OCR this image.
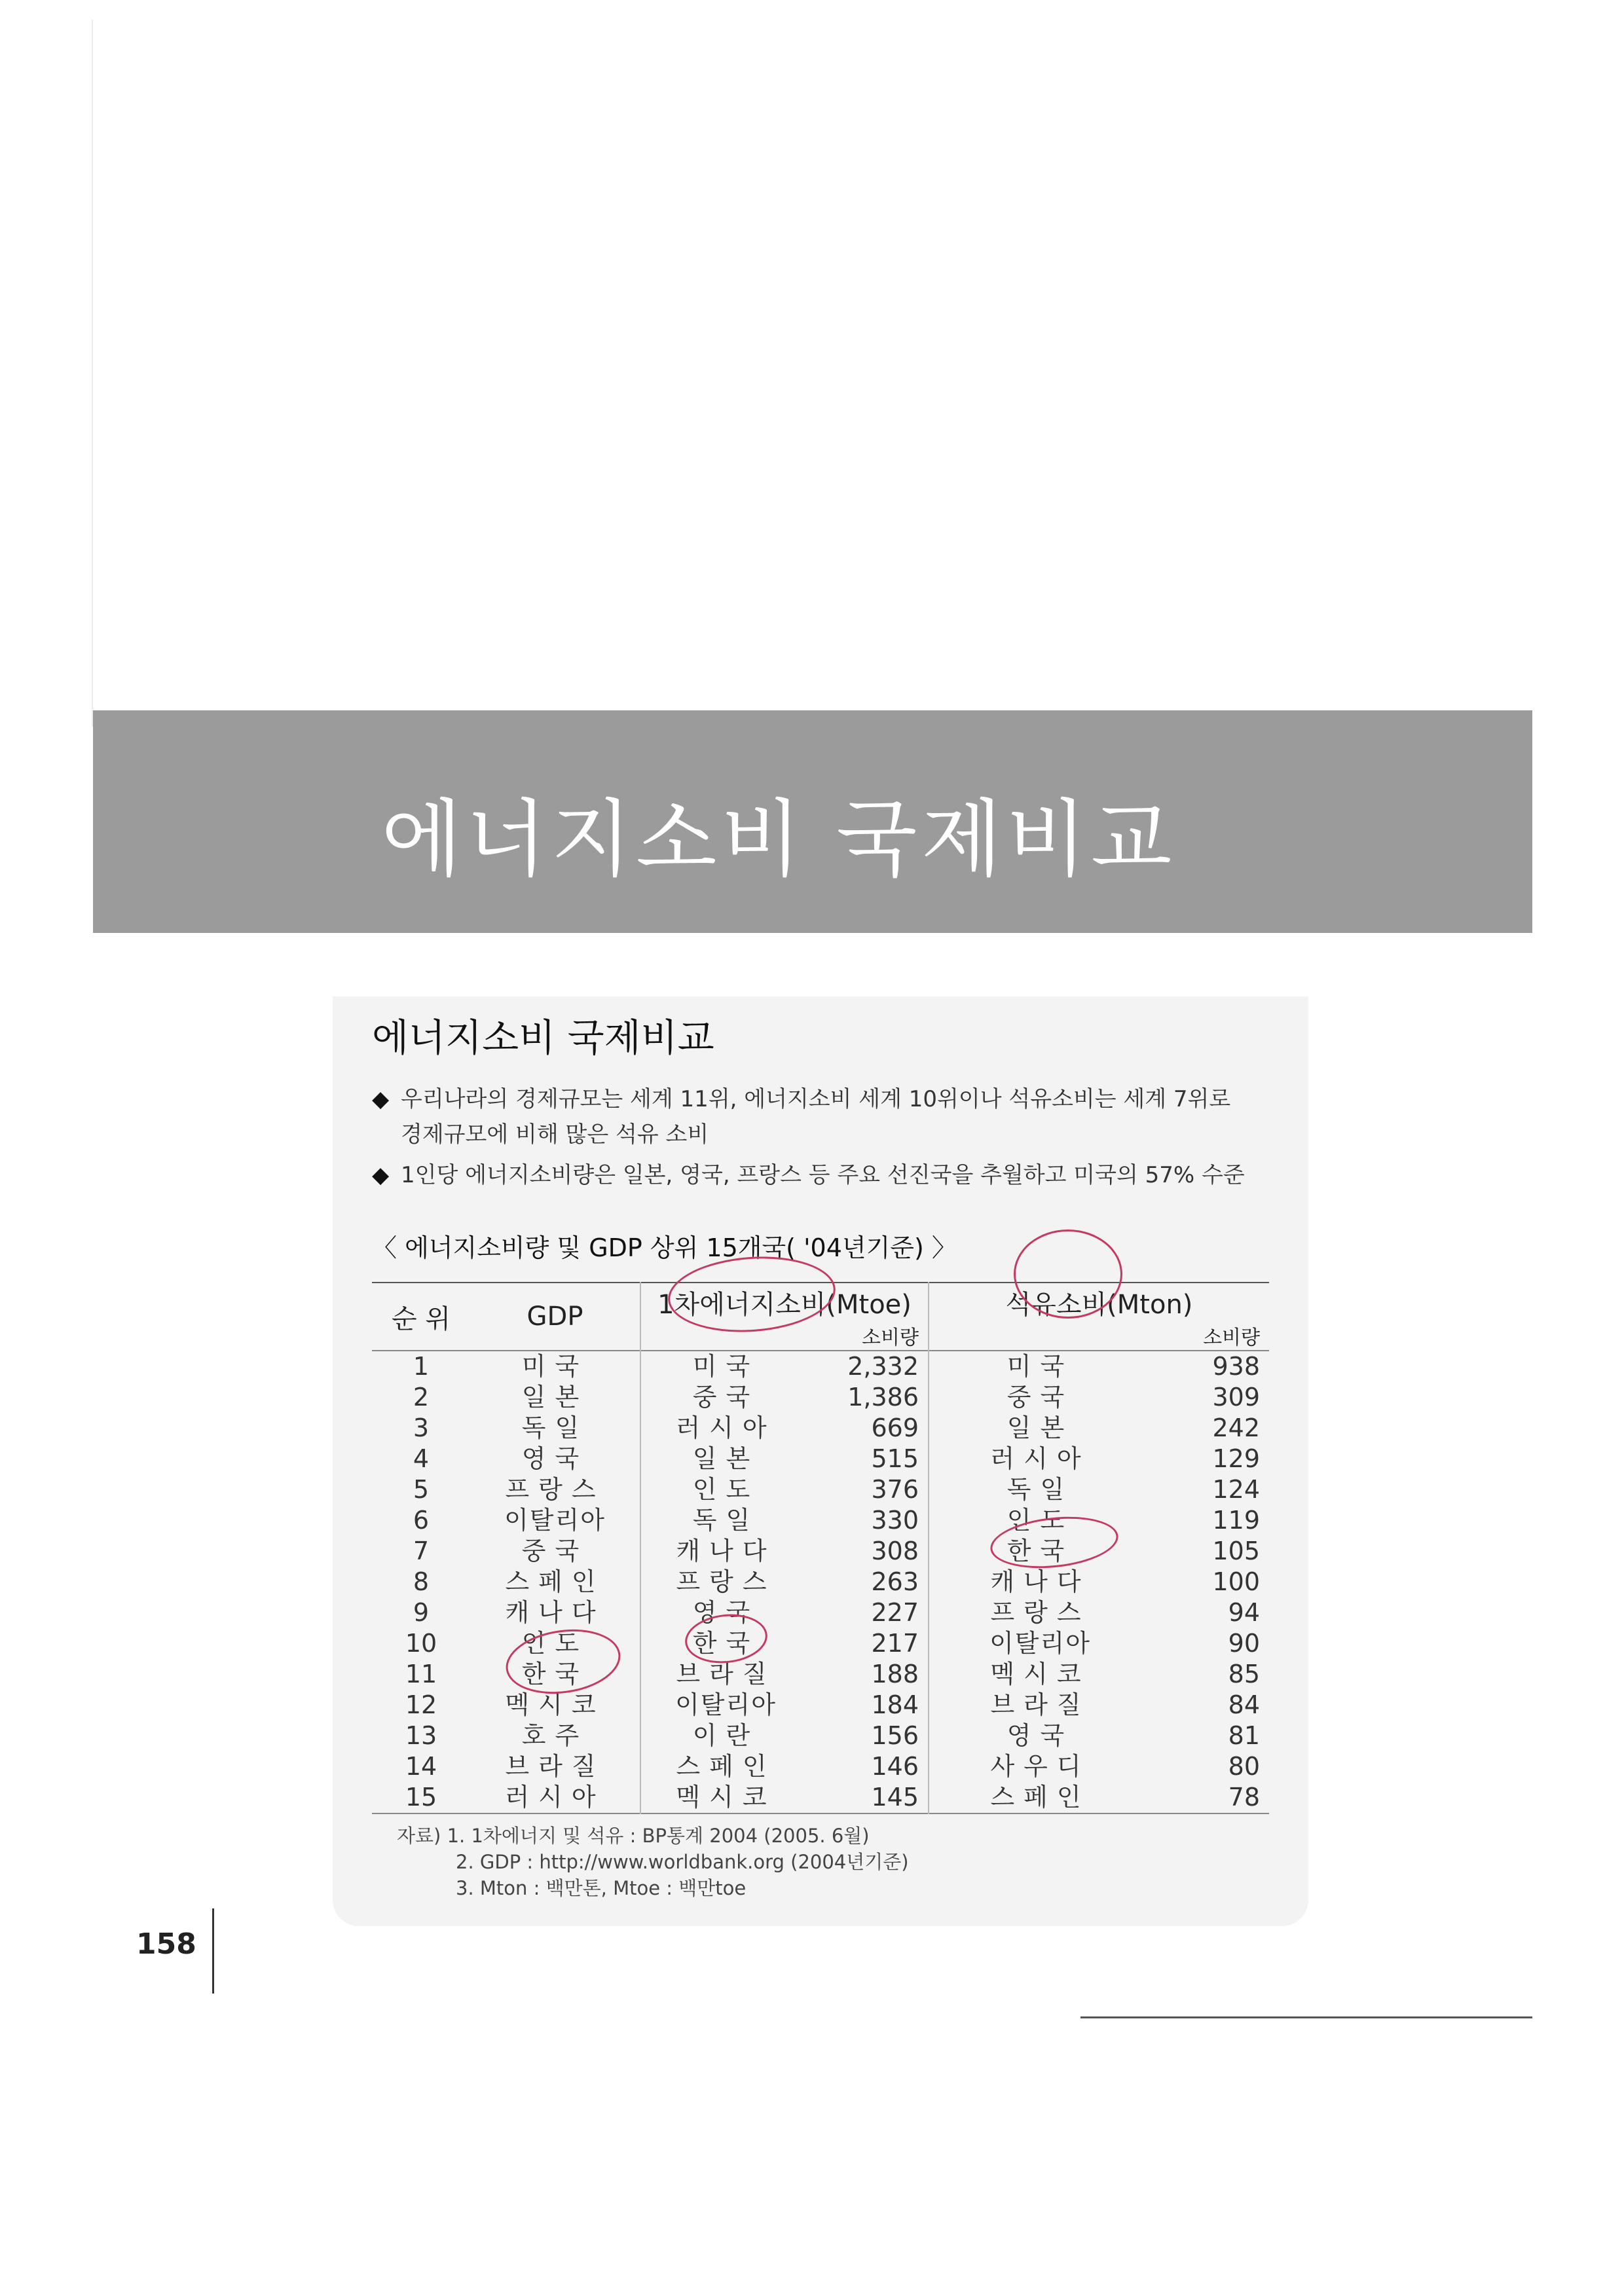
에너지소비 국제비교
에너지소비 국제비교
◆ 우리나라의 경제규모는 세계 11위, 에너지소비 세계 10위이나 석유소비는 세계 7위로
경제규모에 비해 많은 석유 소비
◆ 1인당 에너지소비량은 일본, 영국, 프랑스 등 주요 선진국을 추월하고 미국의 57% 수준
〈 에너지소비량 및 GDP 상위 15개국( '04년기준) 〉
순 위	GDP	1차에너지소비(Mtoe)		석유소비(Mton)	
			소비량		소비량
1	미국	미국	2,332	미국	938
2	일본	중국	1,386	중국	309
3	독일	러시아	669	일본	242
4	영국	일본	515	러시아	129
5	프랑스	인도	376	독일	124
6	이탈리아	독일	330	인도	119
7	중국	캐나다	308	한국	105
8	스페인	프랑스	263	캐나다	100
9	캐나다	영국	227	프랑스	94
10	인도	한국	217	이탈리아	90
11	한국	브라질	188	멕시코	85
12	멕시코	이탈리아	184	브라질	84
13	호주	이란	156	영국	81
14	브라질	스페인	146	사우디	80
15	러시아	멕시코	145	스페인	78
자료) 1. 1차에너지 및 석유 : BP통계 2004 (2005. 6월)
2. GDP : http://www.worldbank.org (2004년기준)
3. Mton : 백만톤, Mtoe : 백만toe
158
